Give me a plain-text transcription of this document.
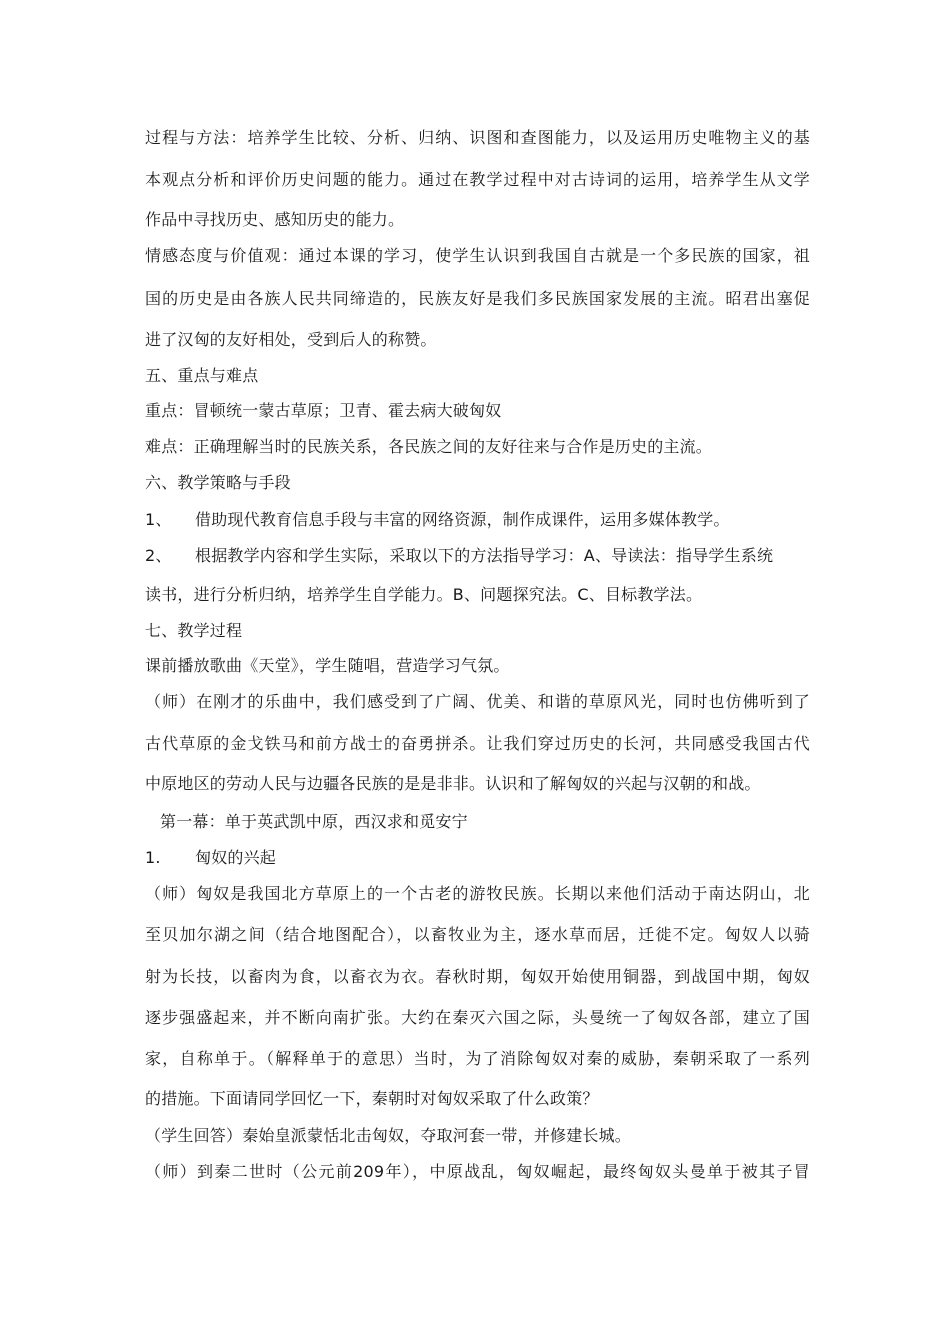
过程与方法：培养学生比较、分析、归纳、识图和查图能力，以及运用历史唯物主义的基
本观点分析和评价历史问题的能力。通过在教学过程中对古诗词的运用，培养学生从文学
作品中寻找历史、感知历史的能力。
情感态度与价值观：通过本课的学习，使学生认识到我国自古就是一个多民族的国家，祖
国的历史是由各族人民共同缔造的，民族友好是我们多民族国家发展的主流。昭君出塞促
进了汉匈的友好相处，受到后人的称赞。
五、重点与难点
重点：冒顿统一蒙古草原；卫青、霍去病大破匈奴
难点：正确理解当时的民族关系，各民族之间的友好往来与合作是历史的主流。
六、教学策略与手段
1、 借助现代教育信息手段与丰富的网络资源，制作成课件，运用多媒体教学。
2、 根据教学内容和学生实际，采取以下的方法指导学习：A、导读法：指导学生系统
读书，进行分析归纳，培养学生自学能力。B、问题探究法。C、目标教学法。
七、教学过程
课前播放歌曲《天堂》，学生随唱，营造学习气氛。
（师）在刚才的乐曲中，我们感受到了广阔、优美、和谐的草原风光，同时也仿佛听到了
古代草原的金戈铁马和前方战士的奋勇拼杀。让我们穿过历史的长河，共同感受我国古代
中原地区的劳动人民与边疆各民族的是是非非。认识和了解匈奴的兴起与汉朝的和战。
第一幕：单于英武凯中原，西汉求和觅安宁
1. 匈奴的兴起
（师）匈奴是我国北方草原上的一个古老的游牧民族。长期以来他们活动于南达阴山，北
至贝加尔湖之间（结合地图配合），以畜牧业为主，逐水草而居，迁徙不定。匈奴人以骑
射为长技，以畜肉为食，以畜衣为衣。春秋时期，匈奴开始使用铜器，到战国中期，匈奴
逐步强盛起来，并不断向南扩张。大约在秦灭六国之际，头曼统一了匈奴各部，建立了国
家，自称单于。（解释单于的意思）当时，为了消除匈奴对秦的威胁，秦朝采取了一系列
的措施。下面请同学回忆一下，秦朝时对匈奴采取了什么政策？
（学生回答）秦始皇派蒙恬北击匈奴，夺取河套一带，并修建长城。
（师）到秦二世时（公元前209年），中原战乱，匈奴崛起，最终匈奴头曼单于被其子冒
